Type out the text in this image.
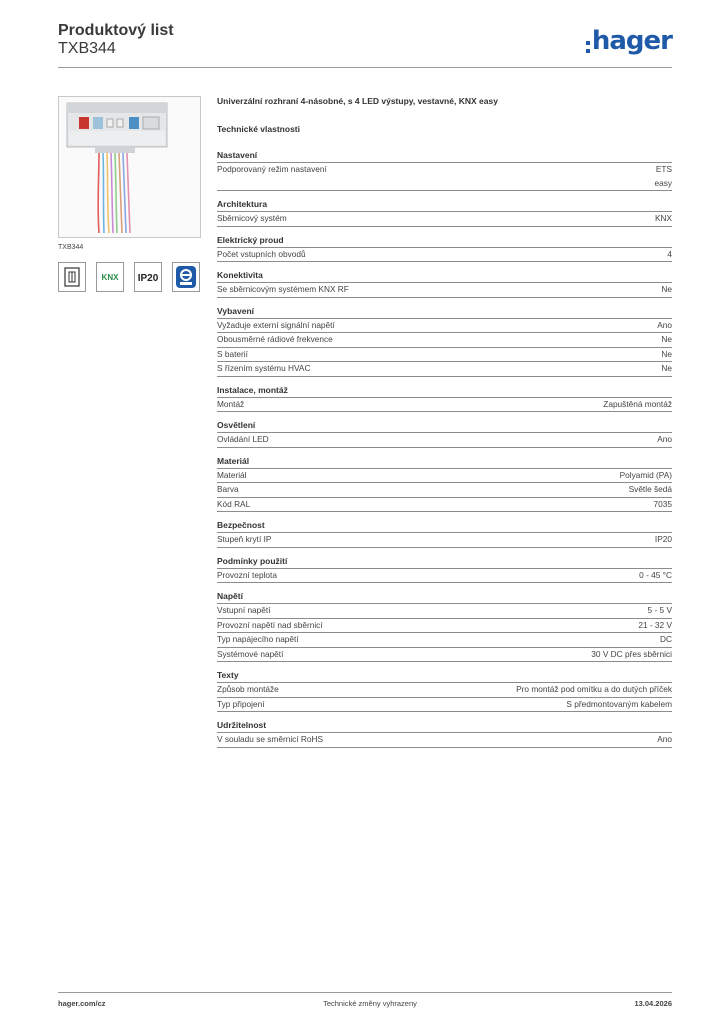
Produktový list
TXB344	hager
TXB344
KNX IP20
Univerzální rozhraní 4-násobné, s 4 LED výstupy, vestavné, KNX easy
Technické vlastnosti
Nastavení
Podporovaný režim nastavení	ETS
easy
Architektura
Sběrnicový systém	KNX
Elektrický proud
Počet vstupních obvodů	4
Konektivita
Se sběrnicovým systémem KNX RF	Ne
Vybavení
Vyžaduje externí signální napětí	Ano
Obousměrné rádiové frekvence	Ne
S baterií	Ne
S řízením systému HVAC	Ne
Instalace, montáž
Montáž	Zapuštěná montáž
Osvětlení
Ovládání LED	Ano
Materiál
Materiál	Polyamid (PA)
Barva	Světle šedá
Kód RAL	7035
Bezpečnost
Stupeň krytí IP	IP20
Podmínky použití
Provozní teplota	0 - 45 °C
Napětí
Vstupní napětí	5 - 5 V
Provozní napětí nad sběrnicí	21 - 32 V
Typ napájecího napětí	DC
Systémové napětí	30 V DC přes sběrnici
Texty
Způsob montáže	Pro montáž pod omítku a do dutých příček
Typ připojení	S předmontovaným kabelem
Udržitelnost
V souladu se směrnicí RoHS	Ano
hager.com/cz	Technické změny vyhrazeny	13.04.2026
